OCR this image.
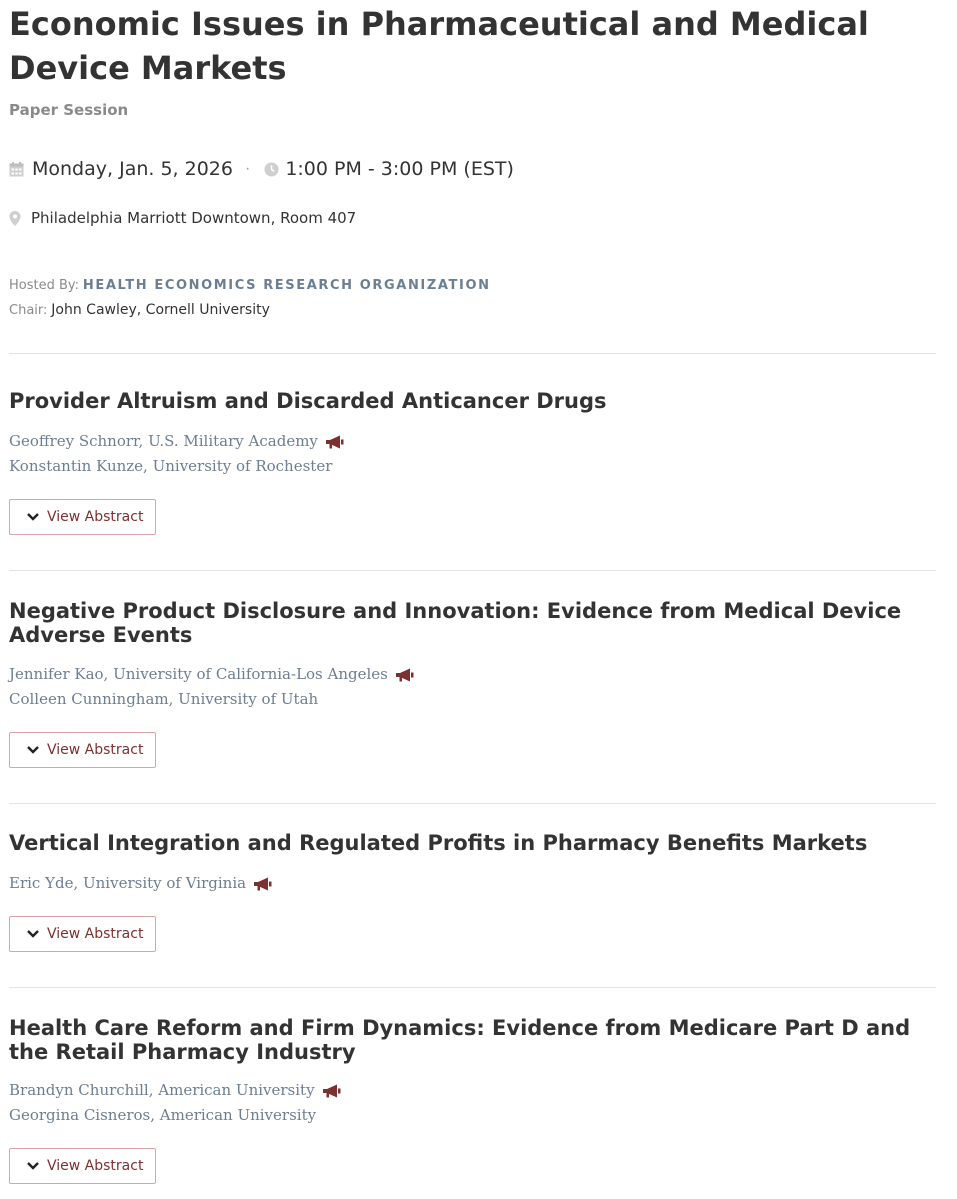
Economic Issues in Pharmaceutical and Medical Device Markets
Paper Session
Monday, Jan. 5, 2026 · 1:00 PM - 3:00 PM (EST)
Philadelphia Marriott Downtown, Room 407
Hosted By: HEALTH ECONOMICS RESEARCH ORGANIZATION
Chair: John Cawley, Cornell University
Provider Altruism and Discarded Anticancer Drugs
Geoffrey Schnorr, U.S. Military Academy
Konstantin Kunze, University of Rochester
View Abstract
Negative Product Disclosure and Innovation: Evidence from Medical Device Adverse Events
Jennifer Kao, University of California-Los Angeles
Colleen Cunningham, University of Utah
View Abstract
Vertical Integration and Regulated Profits in Pharmacy Benefits Markets
Eric Yde, University of Virginia
View Abstract
Health Care Reform and Firm Dynamics: Evidence from Medicare Part D and the Retail Pharmacy Industry
Brandyn Churchill, American University
Georgina Cisneros, American University
View Abstract
